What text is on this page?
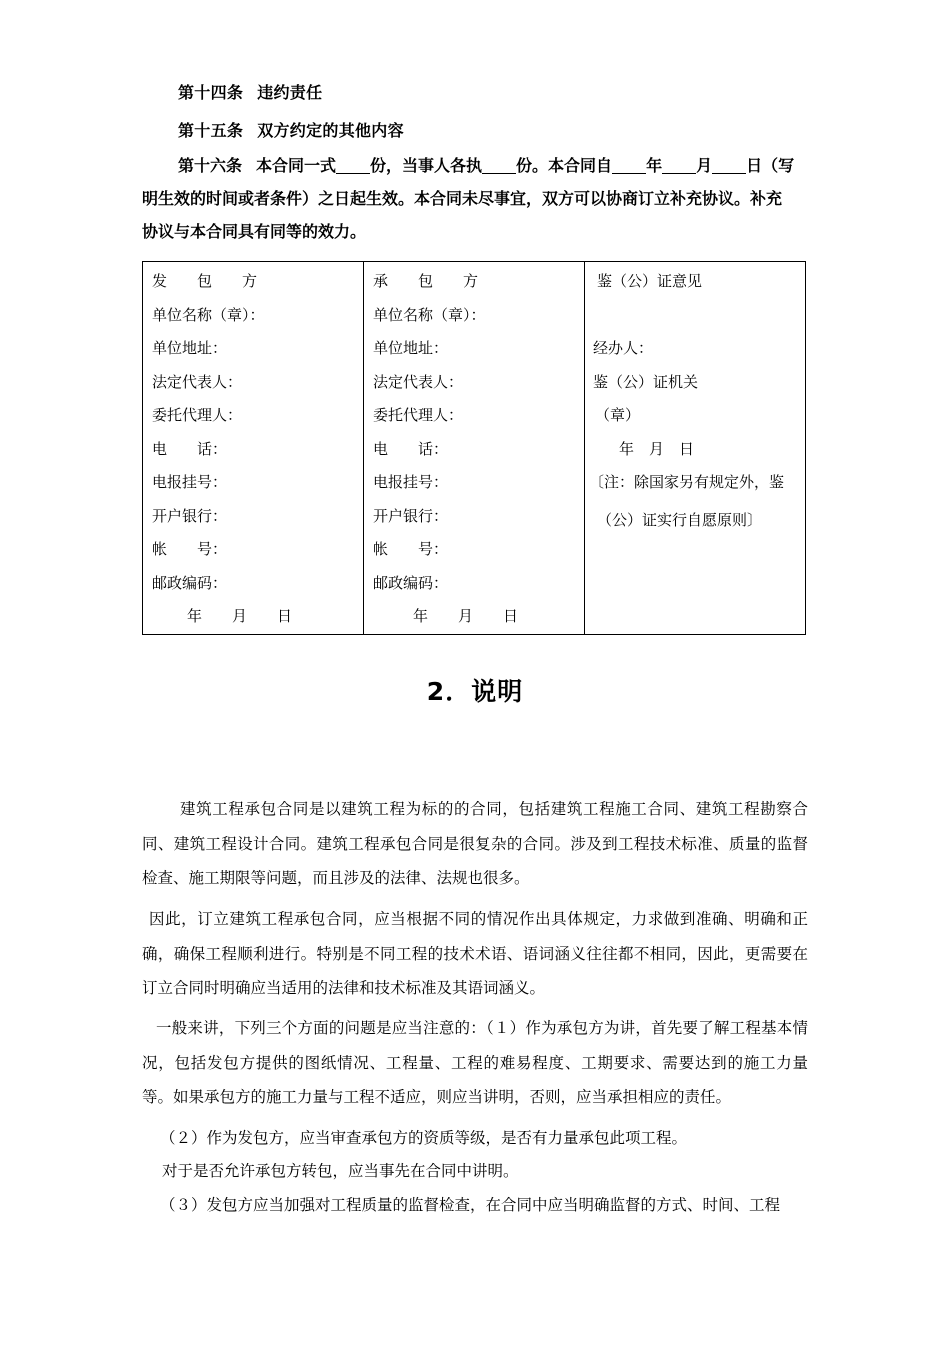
第十四条 违约责任
第十五条 双方约定的其他内容
第十六条 本合同一式 份，当事人各执 份。本合同自 年 月 日（写
明生效的时间或者条件）之日起生效。本合同未尽事宜，双方可以协商订立补充协议。补充
协议与本合同具有同等的效力。
发　　包　　方
单位名称（章）：
单位地址：
法定代表人：
委托代理人：
电　　话：
电报挂号：
开户银行：
帐　　号：
邮政编码：
年　　月　　日

承　　包　　方
单位名称（章）：
单位地址：
法定代表人：
委托代理人：
电　　话：
电报挂号：
开户银行：
帐　　号：
邮政编码：
年　　月　　日

鉴（公）证意见
经办人：
鉴（公）证机关
（章）
年　月　日
〔注：除国家另有规定外，鉴
（公）证实行自愿原则〕
2．说明
建筑工程承包合同是以建筑工程为标的的合同，包括建筑工程施工合同、建筑工程勘察合同、建筑工程设计合同。建筑工程承包合同是很复杂的合同。涉及到工程技术标准、质量的监督检查、施工期限等问题，而且涉及的法律、法规也很多。
因此，订立建筑工程承包合同，应当根据不同的情况作出具体规定，力求做到准确、明确和正确，确保工程顺利进行。特别是不同工程的技术术语、语词涵义往往都不相同，因此，更需要在订立合同时明确应当适用的法律和技术标准及其语词涵义。
一般来讲，下列三个方面的问题是应当注意的：（１）作为承包方为讲，首先要了解工程基本情况，包括发包方提供的图纸情况、工程量、工程的难易程度、工期要求、需要达到的施工力量等。如果承包方的施工力量与工程不适应，则应当讲明，否则，应当承担相应的责任。
（２）作为发包方，应当审查承包方的资质等级，是否有力量承包此项工程。
对于是否允许承包方转包，应当事先在合同中讲明。
（３）发包方应当加强对工程质量的监督检查，在合同中应当明确监督的方式、时间、工程
